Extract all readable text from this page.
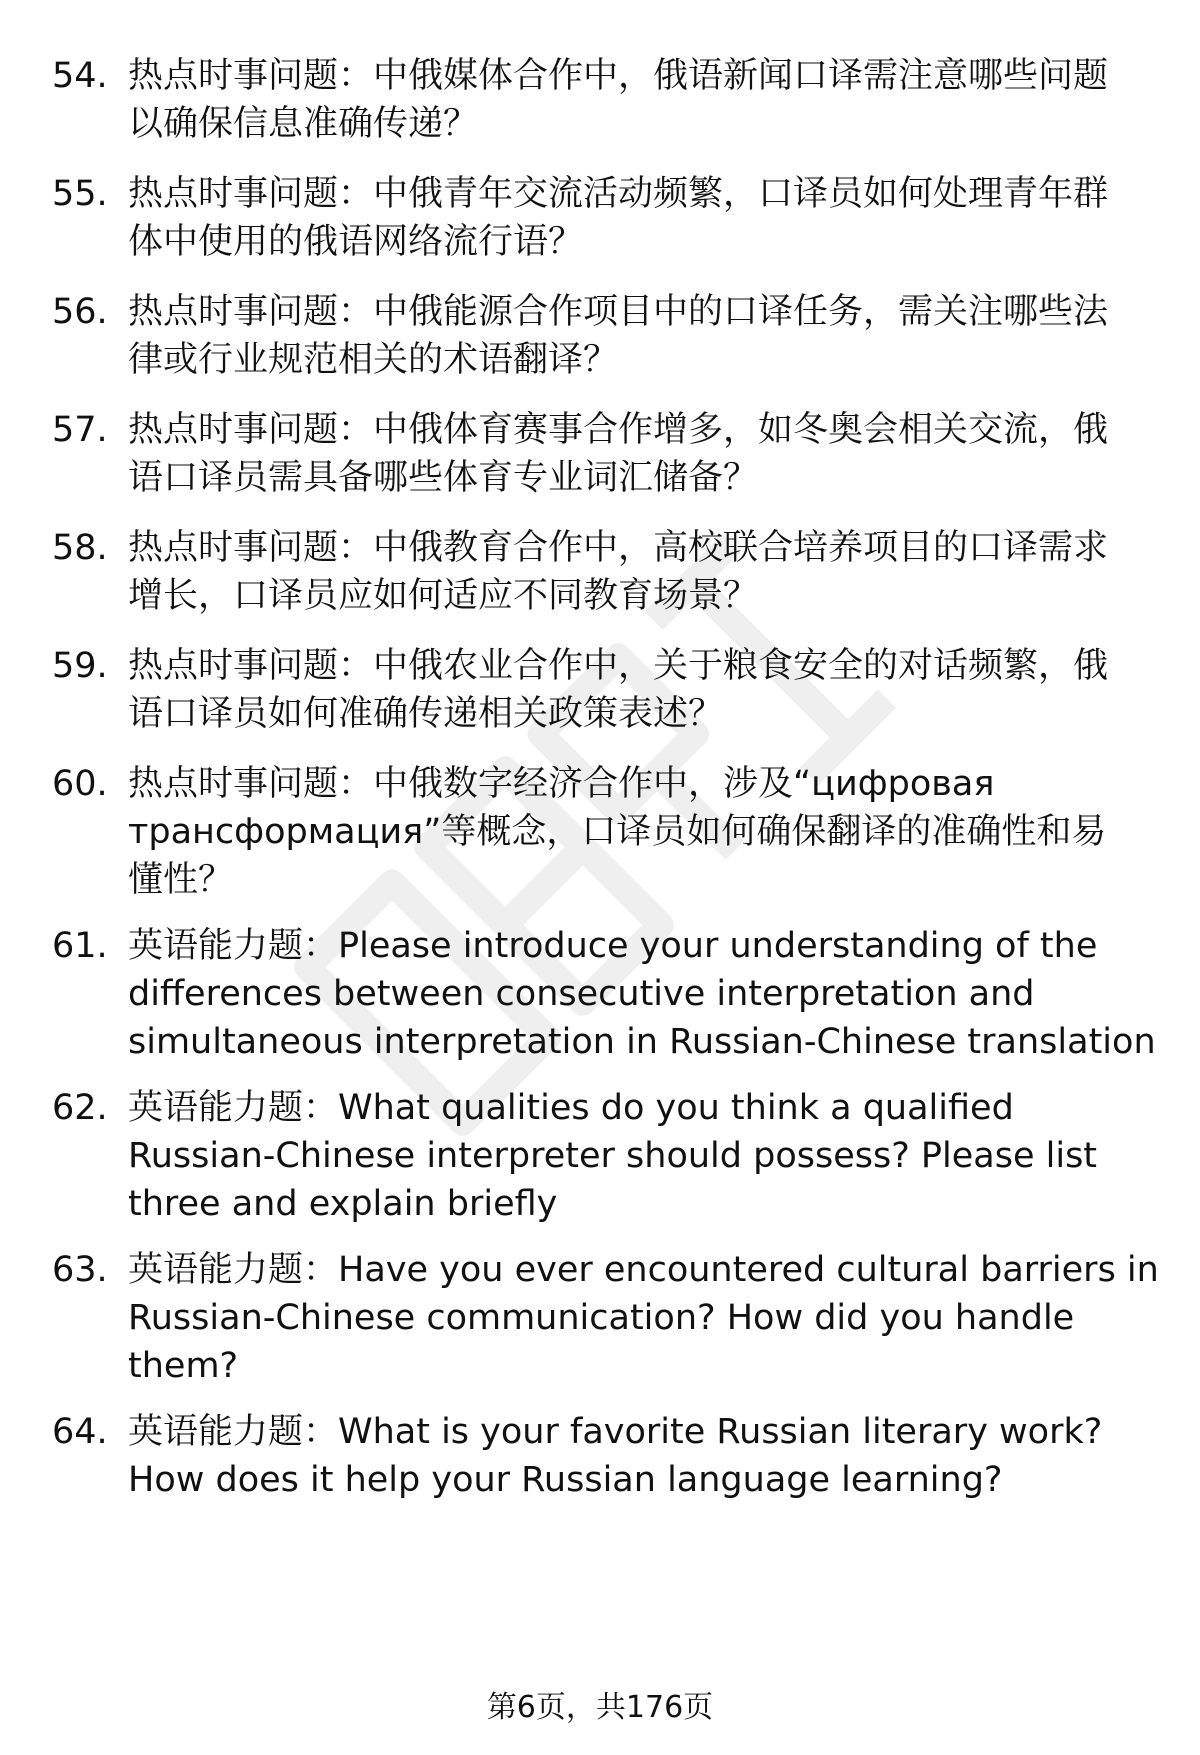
54. 热点时事问题：中俄媒体合作中，俄语新闻口译需注意哪些问题
以确保信息准确传递？
55. 热点时事问题：中俄青年交流活动频繁，口译员如何处理青年群
体中使用的俄语网络流行语？
56. 热点时事问题：中俄能源合作项目中的口译任务，需关注哪些法
律或行业规范相关的术语翻译？
57. 热点时事问题：中俄体育赛事合作增多，如冬奥会相关交流，俄
语口译员需具备哪些体育专业词汇储备？
58. 热点时事问题：中俄教育合作中，高校联合培养项目的口译需求
增长，口译员应如何适应不同教育场景？
59. 热点时事问题：中俄农业合作中，关于粮食安全的对话频繁，俄
语口译员如何准确传递相关政策表述？
60. 热点时事问题：中俄数字经济合作中，涉及“цифровая
трансформация”等概念，口译员如何确保翻译的准确性和易
懂性？
61. 英语能力题：Please introduce your understanding of the
differences between consecutive interpretation and
simultaneous interpretation in Russian-Chinese translation
62. 英语能力题：What qualities do you think a qualified
Russian-Chinese interpreter should possess? Please list
three and explain briefly
63. 英语能力题：Have you ever encountered cultural barriers in
Russian-Chinese communication? How did you handle
them?
64. 英语能力题：What is your favorite Russian literary work?
How does it help your Russian language learning?
第6页，共176页
